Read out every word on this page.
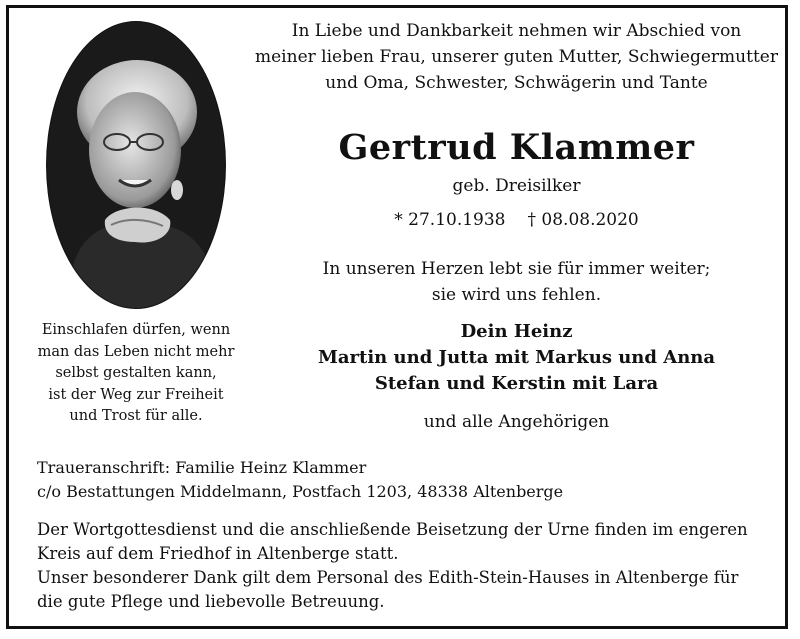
Einschlafen dürfen, wenn
man das Leben nicht mehr
selbst gestalten kann,
ist der Weg zur Freiheit
und Trost für alle.

In Liebe und Dankbarkeit nehmen wir Abschied von
meiner lieben Frau, unserer guten Mutter, Schwiegermutter
und Oma, Schwester, Schwägerin und Tante
Gertrud Klammer
geb. Dreisilker
* 27.10.1938 † 08.08.2020
In unseren Herzen lebt sie für immer weiter;
sie wird uns fehlen.
Dein Heinz
Martin und Jutta mit Markus und Anna
Stefan und Kerstin mit Lara
und alle Angehörigen
Traueranschrift: Familie Heinz Klammer
c/o Bestattungen Middelmann, Postfach 1203, 48338 Altenberge
Der Wortgottesdienst und die anschließende Beisetzung der Urne finden im engeren
Kreis auf dem Friedhof in Altenberge statt.
Unser besonderer Dank gilt dem Personal des Edith-Stein-Hauses in Altenberge für
die gute Pflege und liebevolle Betreuung.
